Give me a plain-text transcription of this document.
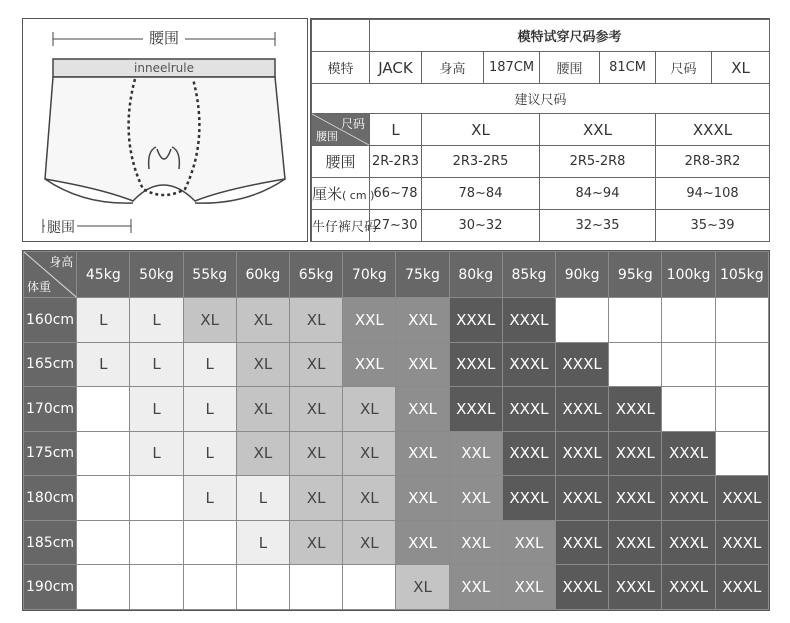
inneelrule
腰围
腿围
	模特试穿尺码参考						
模特	JACK	身高	187CM	腰围	81CM	尺码	XL
建议尺码							

尺码
腰围	L	XL		XXL		XXXL	
腰围	2R-2R3	2R3-2R5		2R5-2R8		2R8-3R2	
厘米( cm )	66~78	78~84		84~94		94~108	
牛仔裤尺码	27~30	30~32		32~35		35~39	
身高
体重	45kg	50kg	55kg	60kg	65kg	70kg	75kg	80kg	85kg	90kg	95kg	100kg	105kg
160cm	L	L	XL	XL	XL	XXL	XXL	XXXL	XXXL				
165cm	L	L	L	XL	XL	XXL	XXL	XXXL	XXXL	XXXL			
170cm		L	L	XL	XL	XL	XXL	XXXL	XXXL	XXXL	XXXL		
175cm		L	L	XL	XL	XL	XXL	XXL	XXXL	XXXL	XXXL	XXXL	
180cm			L	L	XL	XL	XXL	XXL	XXXL	XXXL	XXXL	XXXL	XXXL
185cm				L	XL	XL	XXL	XXL	XXL	XXXL	XXXL	XXXL	XXXL
190cm							XL	XXL	XXL	XXXL	XXXL	XXXL	XXXL
